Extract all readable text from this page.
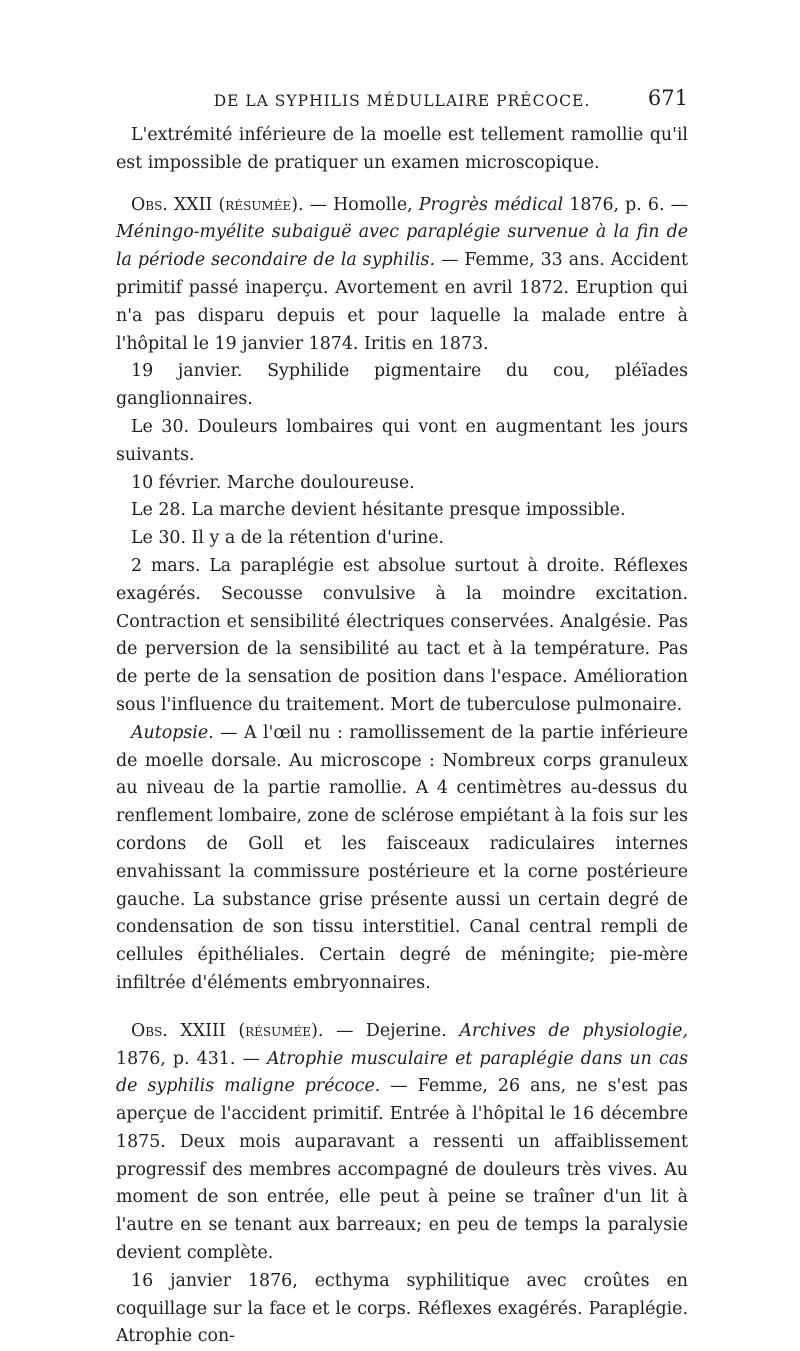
DE LA SYPHILIS MÉDULLAIRE PRÉCOCE.	671

L'extrémité inférieure de la moelle est tellement ramollie qu'il est impossible de pratiquer un examen microscopique.

Obs. XXII (résumée). — Homolle, Progrès médical 1876, p. 6. — Méningo-myélite subaiguë avec paraplégie survenue à la fin de la période secondaire de la syphilis. — Femme, 33 ans. Accident primitif passé inaperçu. Avortement en avril 1872. Eruption qui n'a pas disparu depuis et pour laquelle la malade entre à l'hôpital le 19 janvier 1874. Iritis en 1873.

19 janvier. Syphilide pigmentaire du cou, pléïades ganglionnaires.

Le 30. Douleurs lombaires qui vont en augmentant les jours suivants.

10 février. Marche douloureuse.

Le 28. La marche devient hésitante presque impossible.

Le 30. Il y a de la rétention d'urine.

2 mars. La paraplégie est absolue surtout à droite. Réflexes exagérés. Secousse convulsive à la moindre excitation. Contraction et sensibilité électriques conservées. Analgésie. Pas de perversion de la sensibilité au tact et à la température. Pas de perte de la sensation de position dans l'espace. Amélioration sous l'influence du traitement. Mort de tuberculose pulmonaire.

Autopsie. — A l'œil nu : ramollissement de la partie inférieure de moelle dorsale. Au microscope : Nombreux corps granuleux au niveau de la partie ramollie. A 4 centimètres au-dessus du renflement lombaire, zone de sclérose empiétant à la fois sur les cordons de Goll et les faisceaux radiculaires internes envahissant la commissure postérieure et la corne postérieure gauche. La substance grise présente aussi un certain degré de condensation de son tissu interstitiel. Canal central rempli de cellules épithéliales. Certain degré de méningite; pie-mère infiltrée d'éléments embryonnaires.

Obs. XXIII (résumée). — Dejerine. Archives de physiologie, 1876, p. 431. — Atrophie musculaire et paraplégie dans un cas de syphilis maligne précoce. — Femme, 26 ans, ne s'est pas aperçue de l'accident primitif. Entrée à l'hôpital le 16 décembre 1875. Deux mois auparavant a ressenti un affaiblissement progressif des membres accompagné de douleurs très vives. Au moment de son entrée, elle peut à peine se traîner d'un lit à l'autre en se tenant aux barreaux; en peu de temps la paralysie devient complète.

16 janvier 1876, ecthyma syphilitique avec croûtes en coquillage sur la face et le corps. Réflexes exagérés. Paraplégie. Atrophie con-
